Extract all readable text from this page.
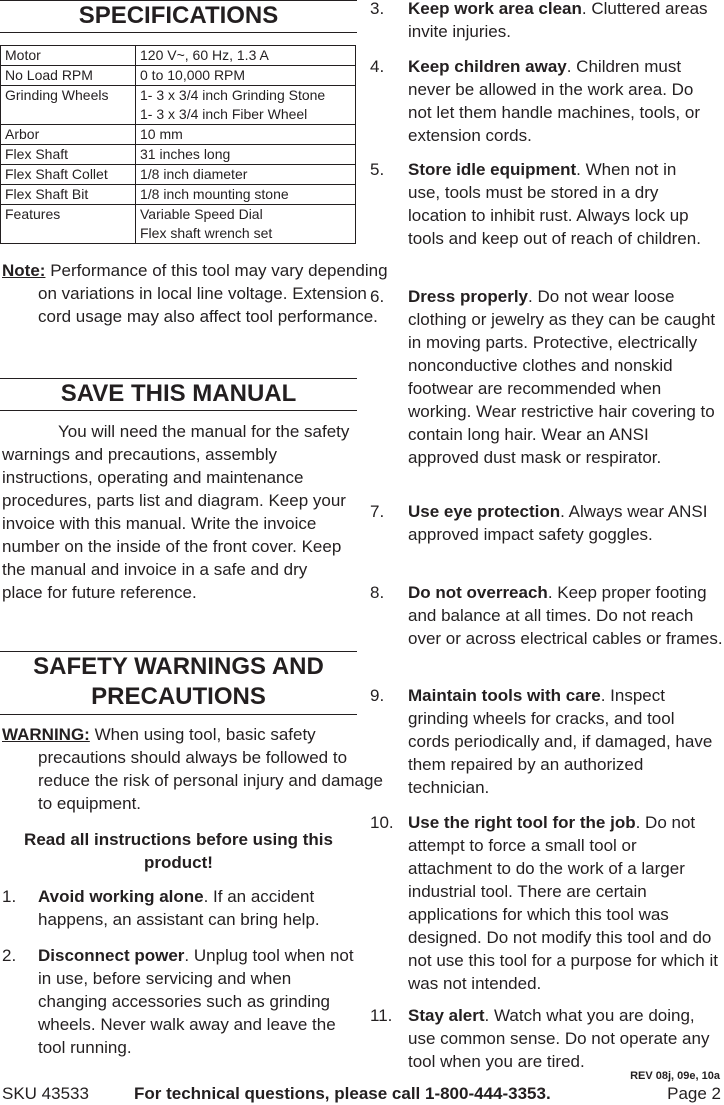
SPECIFICATIONS
Motor	120 V~, 60 Hz, 1.3 A
No Load RPM	0 to 10,000 RPM
Grinding Wheels	1- 3 x 3/4 inch Grinding Stone
1- 3 x 3/4 inch Fiber Wheel

Arbor	10 mm
Flex Shaft	31 inches long
Flex Shaft Collet	1/8 inch diameter
Flex Shaft Bit	1/8 inch mounting stone
Features	Variable Speed Dial
Flex shaft wrench set
Note: Performance of this tool may vary depending on variations in local line voltage. Extension cord usage may also affect tool performance.
SAVE THIS MANUAL

You will need the manual for the safety warnings and precautions, assembly instructions, operating and maintenance procedures, parts list and diagram. Keep your invoice with this manual. Write the invoice number on the inside of the front cover. Keep the manual and invoice in a safe and dry place for future reference.

SAFETY WARNINGS AND
PRECAUTIONS
WARNING: When using tool, basic safety precautions should always be followed to reduce the risk of personal injury and damage to equipment.
Read all instructions before using this product!
1. Avoid working alone. If an accident happens, an assistant can bring help.
2. Disconnect power. Unplug tool when not in use, before servicing and when changing accessories such as grinding wheels. Never walk away and leave the tool running.
3. Keep work area clean. Cluttered areas invite injuries.
4. Keep children away. Children must never be allowed in the work area. Do not let them handle machines, tools, or extension cords.
5. Store idle equipment. When not in use, tools must be stored in a dry location to inhibit rust. Always lock up tools and keep out of reach of children.
6. Dress properly. Do not wear loose clothing or jewelry as they can be caught in moving parts. Protective, electrically nonconductive clothes and nonskid footwear are recommended when working. Wear restrictive hair covering to contain long hair. Wear an ANSI approved dust mask or respirator.
7. Use eye protection. Always wear ANSI approved impact safety goggles.
8. Do not overreach. Keep proper footing and balance at all times. Do not reach over or across electrical cables or frames.
9. Maintain tools with care. Inspect grinding wheels for cracks, and tool cords periodically and, if damaged, have them repaired by an authorized technician.
10. Use the right tool for the job. Do not attempt to force a small tool or attachment to do the work of a larger industrial tool. There are certain applications for which this tool was designed. Do not modify this tool and do not use this tool for a purpose for which it was not intended.
11. Stay alert. Watch what you are doing, use common sense. Do not operate any tool when you are tired.
REV 08j, 09e, 10a
SKU 43533	For technical questions, please call 1-800-444-3353.	Page 2
